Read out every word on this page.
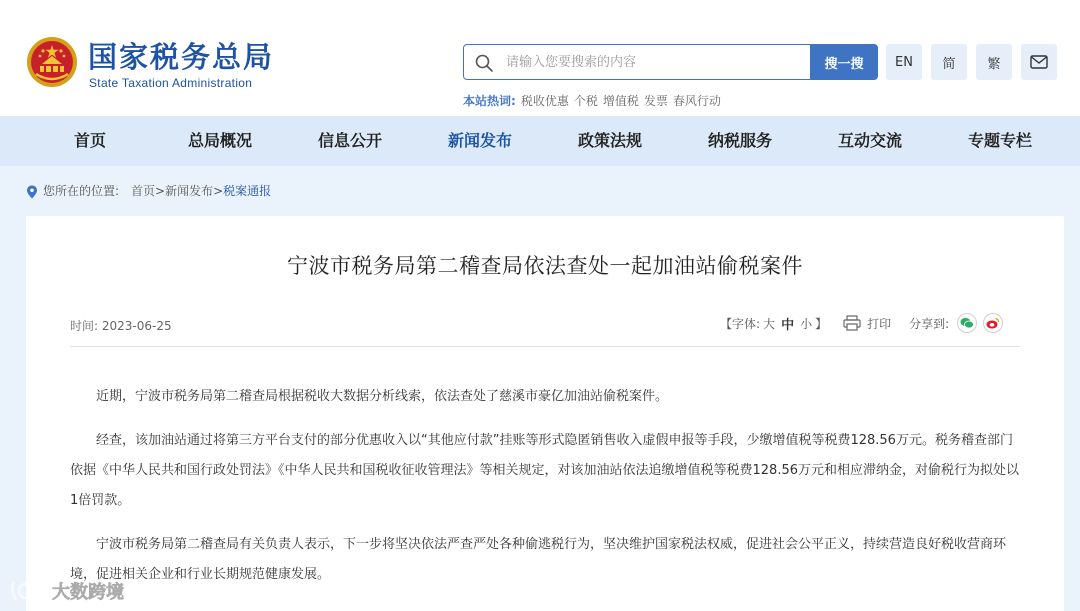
国家税务总局
State Taxation Administration
请输入您要搜索的内容
搜一搜	EN	简	繁
本站热词: 税收优惠 个税 增值税 发票 春风行动
首页	总局概况	信息公开	新闻发布	政策法规	纳税服务	互动交流	专题专栏
您所在的位置: 首页>新闻发布>税案通报
宁波市税务局第二稽查局依法查处一起加油站偷税案件
时间: 2023-06-25	【字体: 大 中 小 】	打印 分享到:

近期，宁波市税务局第二稽查局根据税收大数据分析线索，依法查处了慈溪市豪亿加油站偷税案件。

经查，该加油站通过将第三方平台支付的部分优惠收入以“其他应付款”挂账等形式隐匿销售收入虚假申报等手段，少缴增值税等税费128.56万元。税务稽查部门依据《中华人民共和国行政处罚法》《中华人民共和国税收征收管理法》等相关规定，对该加油站依法追缴增值税等税费128.56万元和相应滞纳金，对偷税行为拟处以1倍罚款。

宁波市税务局第二稽查局有关负责人表示，下一步将坚决依法严查严处各种偷逃税行为，坚决维护国家税法权威，促进社会公平正义，持续营造良好税收营商环境，促进相关企业和行业长期规范健康发展。

大数跨境
